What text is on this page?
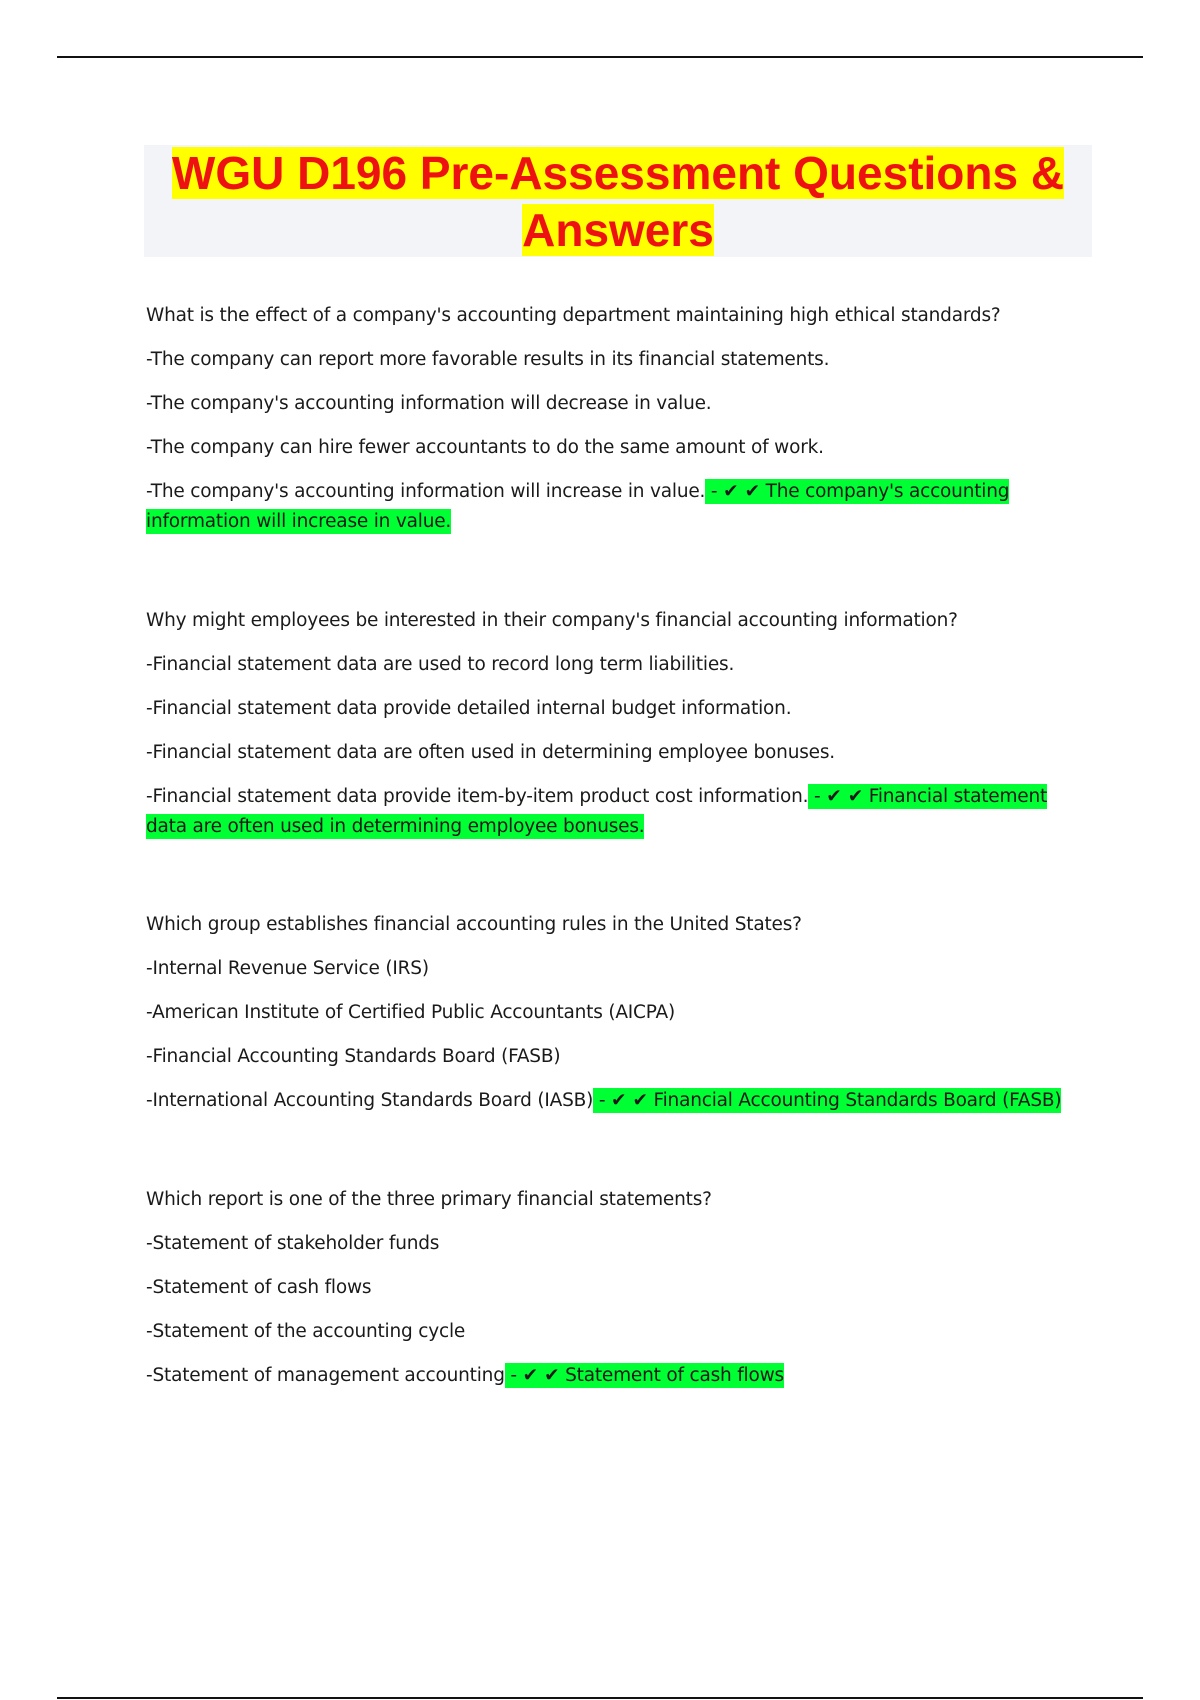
WGU D196 Pre-Assessment Questions & Answers

What is the effect of a company's accounting department maintaining high ethical standards?

-The company can report more favorable results in its financial statements.

-The company's accounting information will decrease in value.

-The company can hire fewer accountants to do the same amount of work.

-The company's accounting information will increase in value. - ✔ ✔ The company's accounting information will increase in value.

Why might employees be interested in their company's financial accounting information?

-Financial statement data are used to record long term liabilities.

-Financial statement data provide detailed internal budget information.

-Financial statement data are often used in determining employee bonuses.

-Financial statement data provide item-by-item product cost information. - ✔ ✔ Financial statement data are often used in determining employee bonuses.

Which group establishes financial accounting rules in the United States?

-Internal Revenue Service (IRS)

-American Institute of Certified Public Accountants (AICPA)

-Financial Accounting Standards Board (FASB)

-International Accounting Standards Board (IASB) - ✔ ✔ Financial Accounting Standards Board (FASB)

Which report is one of the three primary financial statements?

-Statement of stakeholder funds

-Statement of cash flows

-Statement of the accounting cycle

-Statement of management accounting - ✔ ✔ Statement of cash flows
